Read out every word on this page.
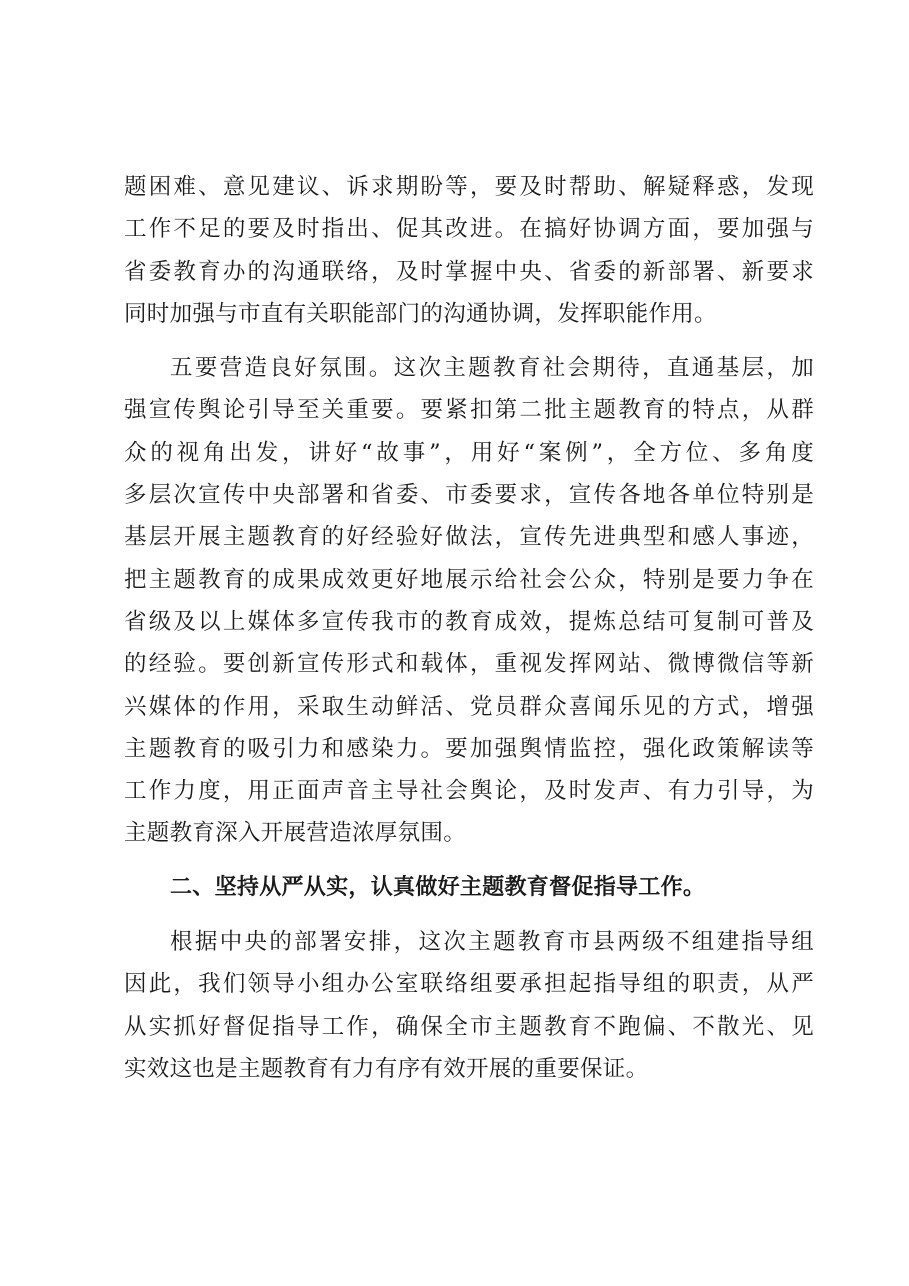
题困难、意见建议、诉求期盼等，要及时帮助、解疑释惑，发现
工作不足的要及时指出、促其改进。在搞好协调方面，要加强与
省委教育办的沟通联络，及时掌握中央、省委的新部署、新要求
同时加强与市直有关职能部门的沟通协调，发挥职能作用。
五要营造良好氛围。这次主题教育社会期待，直通基层，加
强宣传舆论引导至关重要。要紧扣第二批主题教育的特点，从群
众的视角出发，讲好“故事”，用好“案例”，全方位、多角度
多层次宣传中央部署和省委、市委要求，宣传各地各单位特别是
基层开展主题教育的好经验好做法，宣传先进典型和感人事迹，
把主题教育的成果成效更好地展示给社会公众，特别是要力争在
省级及以上媒体多宣传我市的教育成效，提炼总结可复制可普及
的经验。要创新宣传形式和载体，重视发挥网站、微博微信等新
兴媒体的作用，采取生动鲜活、党员群众喜闻乐见的方式，增强
主题教育的吸引力和感染力。要加强舆情监控，强化政策解读等
工作力度，用正面声音主导社会舆论，及时发声、有力引导，为
主题教育深入开展营造浓厚氛围。
二、坚持从严从实，认真做好主题教育督促指导工作。
根据中央的部署安排，这次主题教育市县两级不组建指导组
因此，我们领导小组办公室联络组要承担起指导组的职责，从严
从实抓好督促指导工作，确保全市主题教育不跑偏、不散光、见
实效这也是主题教育有力有序有效开展的重要保证。
